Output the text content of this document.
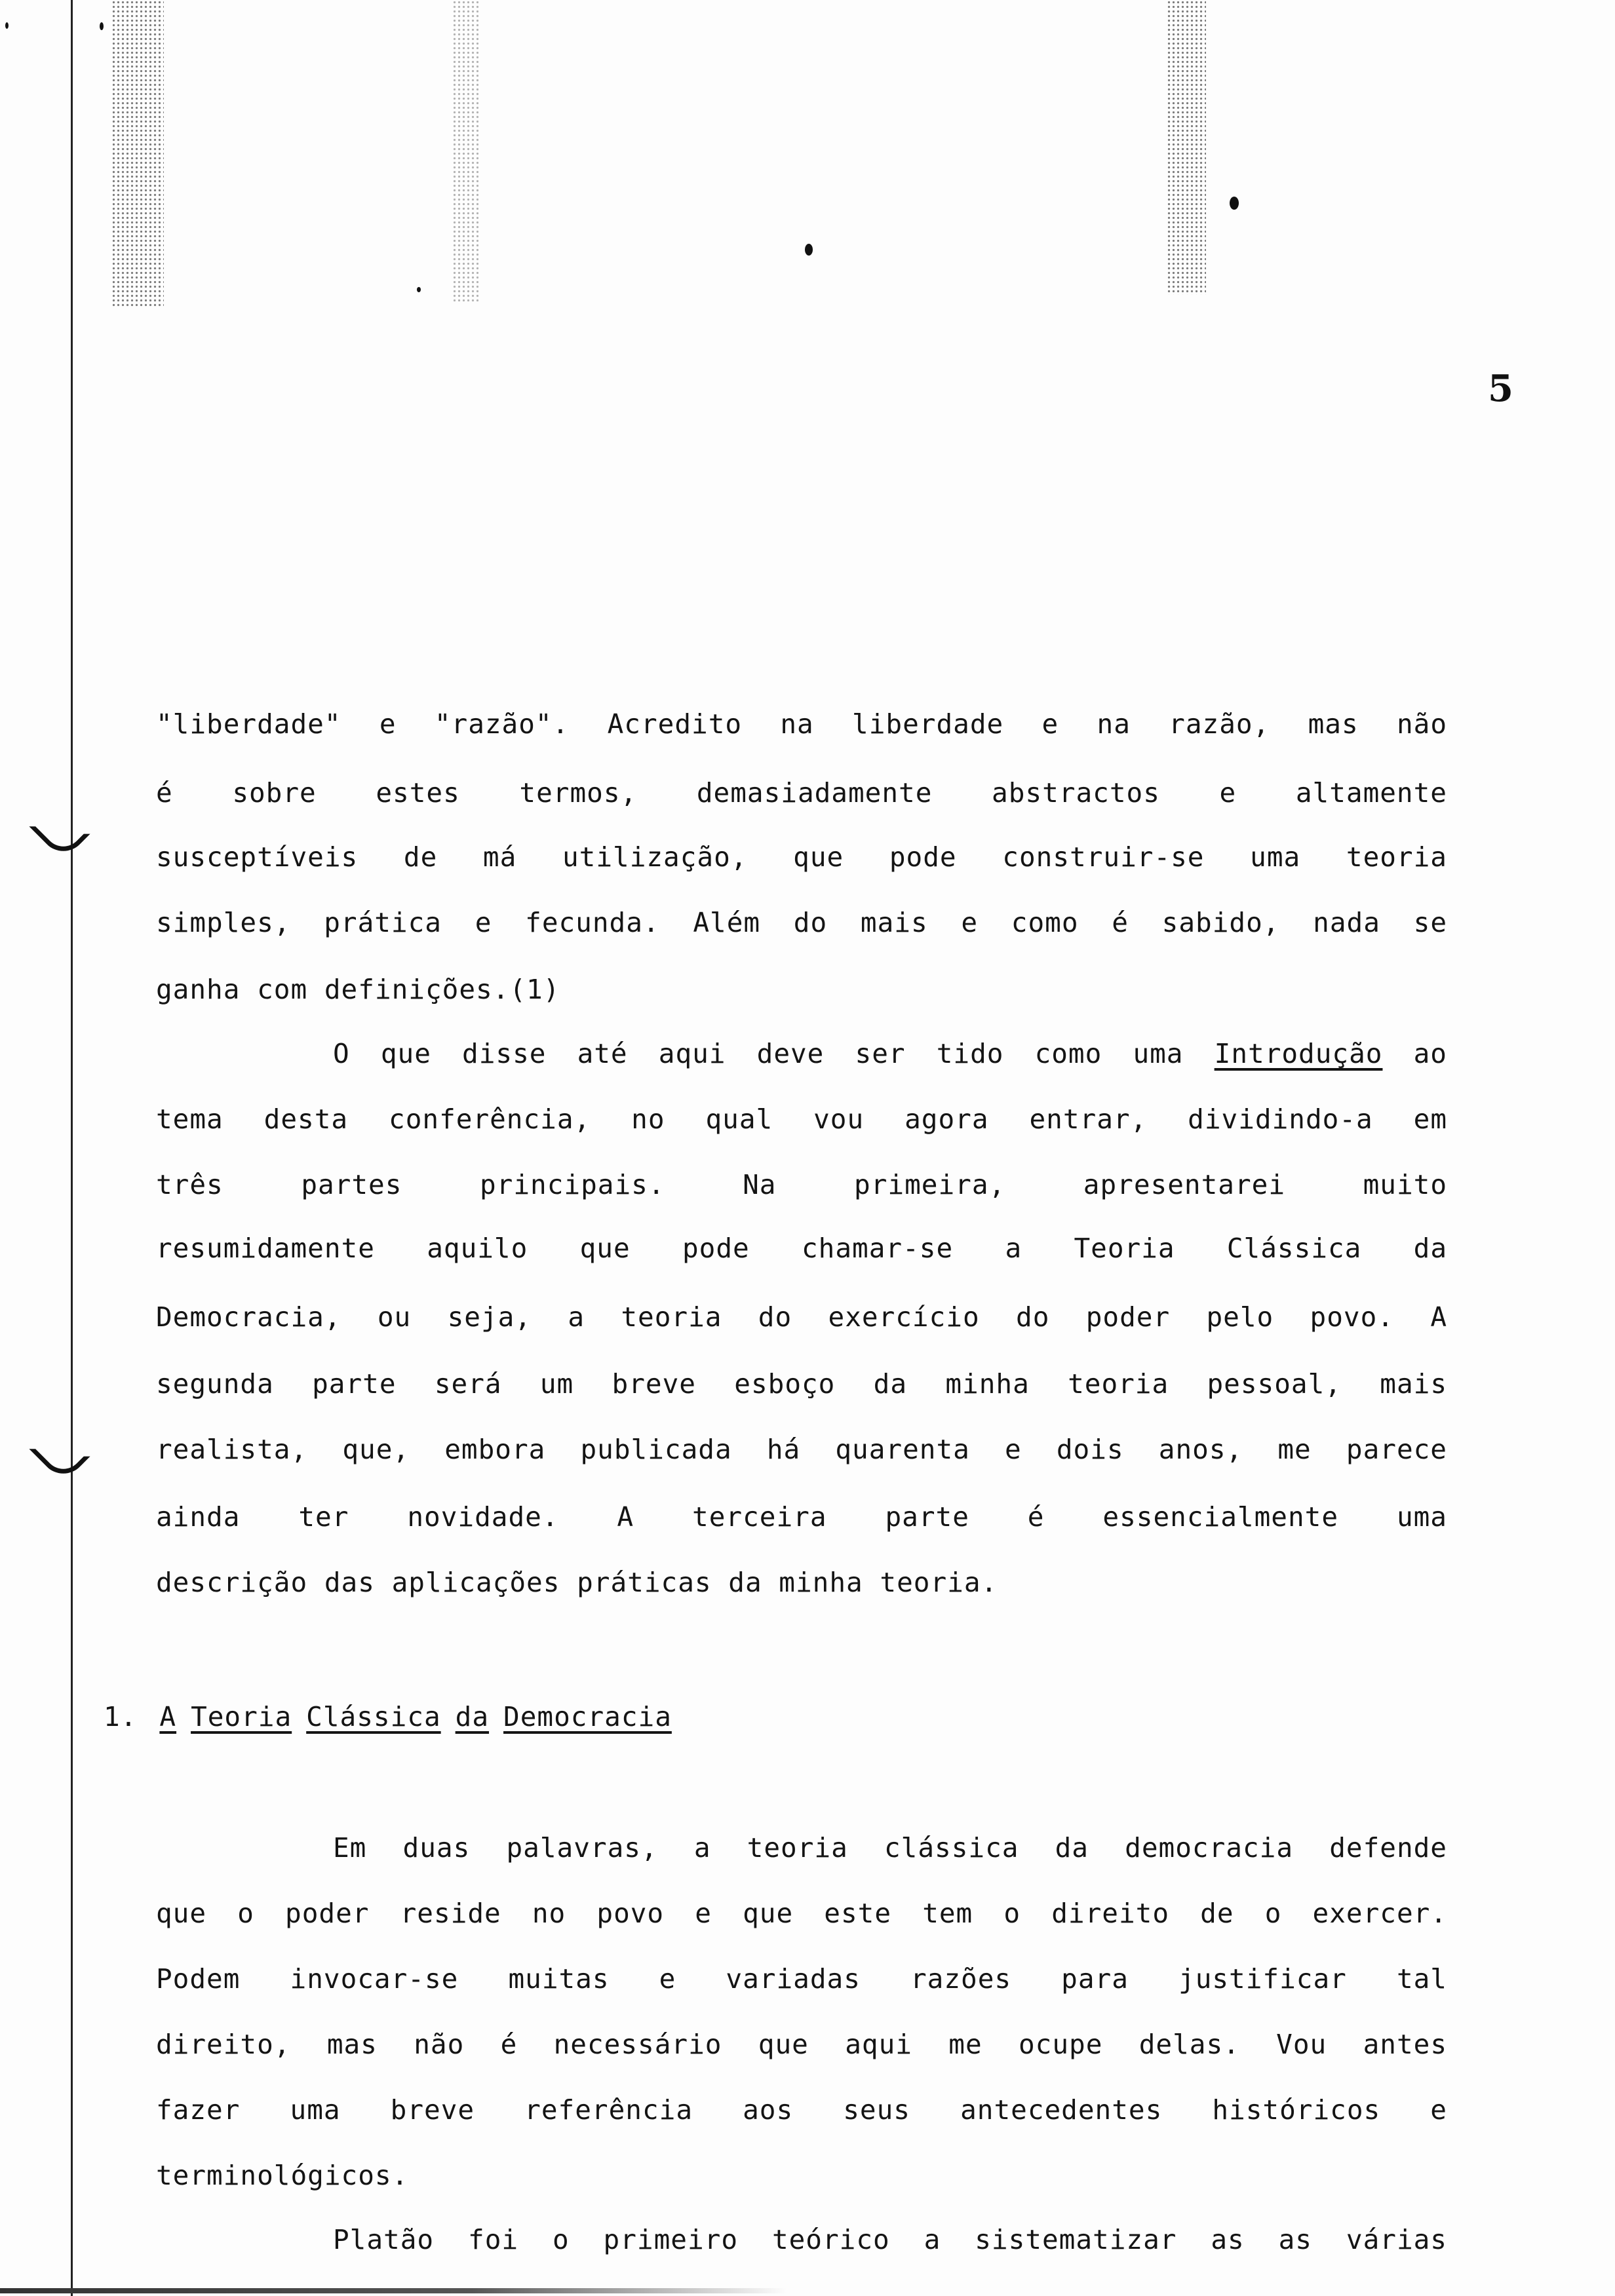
5
"liberdade" e "razão". Acredito na liberdade e na razão, mas não
é sobre estes termos, demasiadamente abstractos e altamente
susceptíveis de má utilização, que pode construir-se uma teoria
simples, prática e fecunda. Além do mais e como é sabido, nada se
ganha com definições.(1)
O que disse até aqui deve ser tido como uma Introdução ao
tema desta conferência, no qual vou agora entrar, dividindo-a em
três partes principais. Na primeira, apresentarei muito
resumidamente aquilo que pode chamar-se a Teoria Clássica da
Democracia, ou seja, a teoria do exercício do poder pelo povo. A
segunda parte será um breve esboço da minha teoria pessoal, mais
realista, que, embora publicada há quarenta e dois anos, me parece
ainda ter novidade. A terceira parte é essencialmente uma
descrição das aplicações práticas da minha teoria.
1. A Teoria Clássica da Democracia
Em duas palavras, a teoria clássica da democracia defende
que o poder reside no povo e que este tem o direito de o exercer.
Podem invocar-se muitas e variadas razões para justificar tal
direito, mas não é necessário que aqui me ocupe delas. Vou antes
fazer uma breve referência aos seus antecedentes históricos e
terminológicos.
Platão foi o primeiro teórico a sistematizar as as várias
